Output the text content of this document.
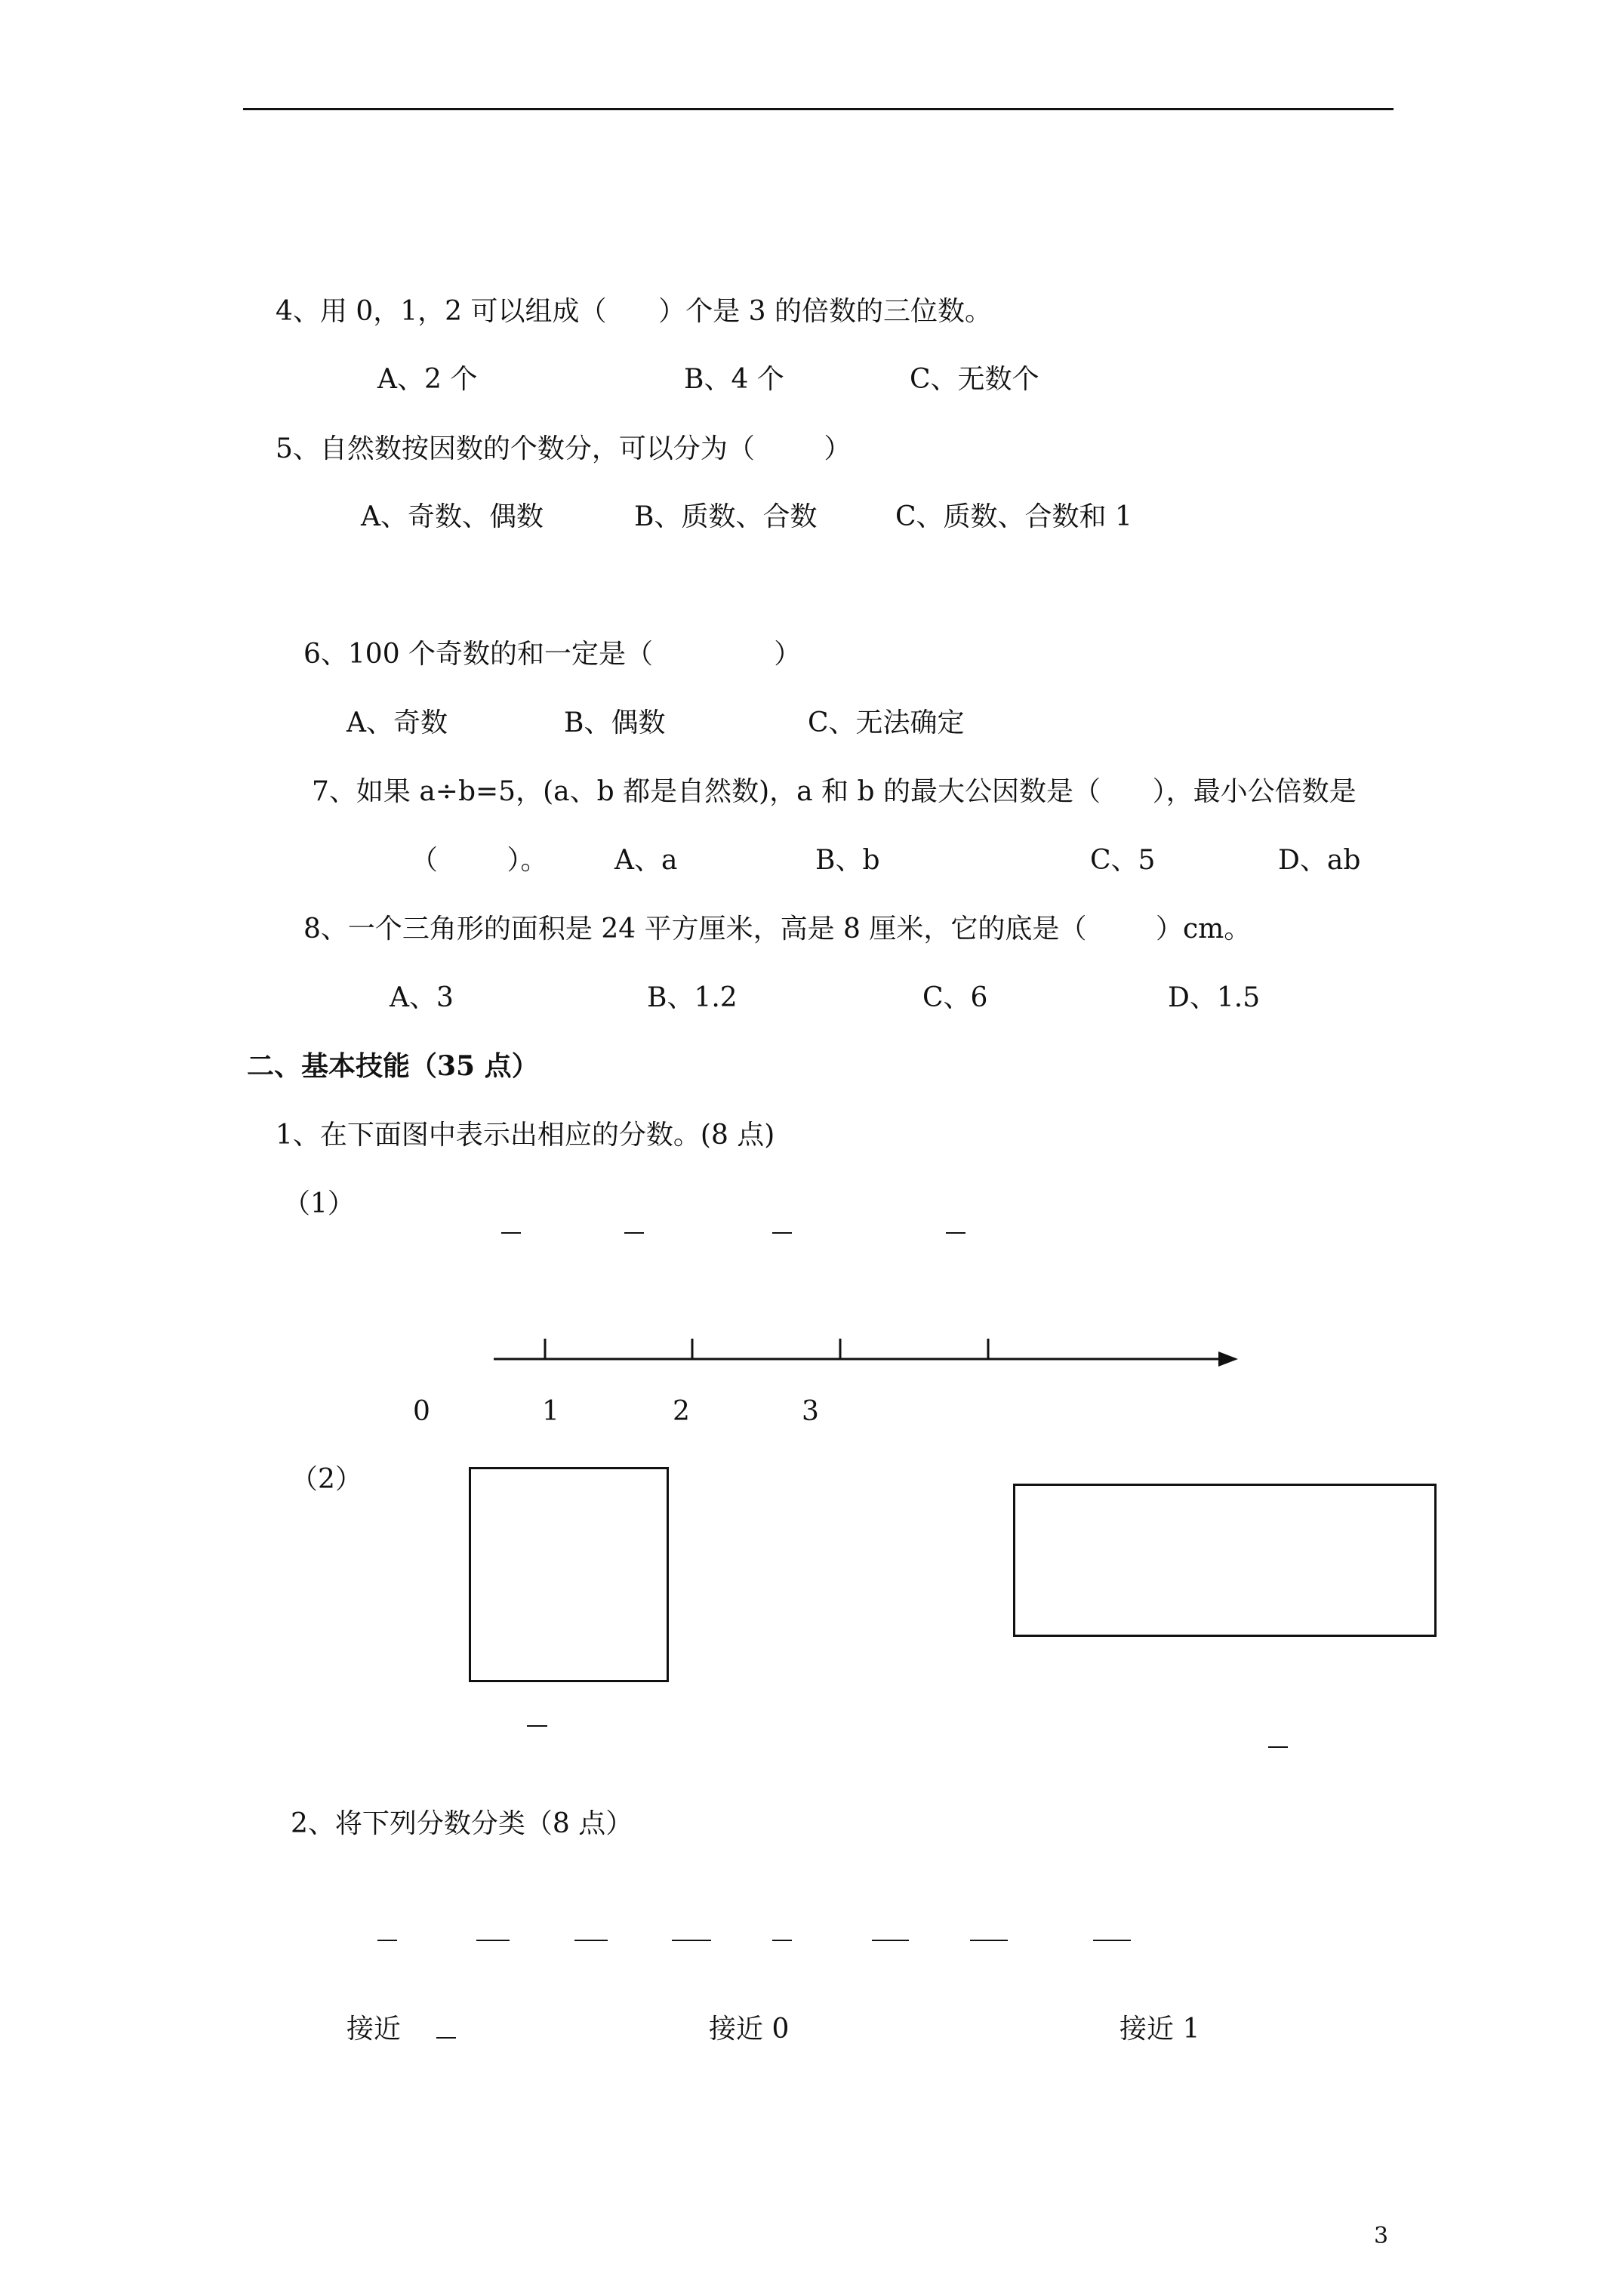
4、用 0，1，2 可以组成（      ）个是 3 的倍数的三位数。
A、2 个	B、4 个	C、无数个
5、自然数按因数的个数分，可以分为（        ）
A、奇数、偶数	B、质数、合数	C、质数、合数和 1
6、100 个奇数的和一定是（              ）
A、奇数	B、偶数	C、无法确定
7、如果 a÷b=5，(a、b 都是自然数)，a 和 b 的最大公因数是（      ），最小公倍数是
（        ）。 A、a	B、b	C、5	D、ab
8、一个三角形的面积是 24 平方厘米，高是 8 厘米，它的底是（        ）cm。
A、3	B、1.2	C、6	D、1.5
二、基本技能（35 点）
1、在下面图中表示出相应的分数。(8 点)
（1）
0	1	2	3
（2）
2、将下列分数分类（8 点）
接近	接近 0	接近 1
3
